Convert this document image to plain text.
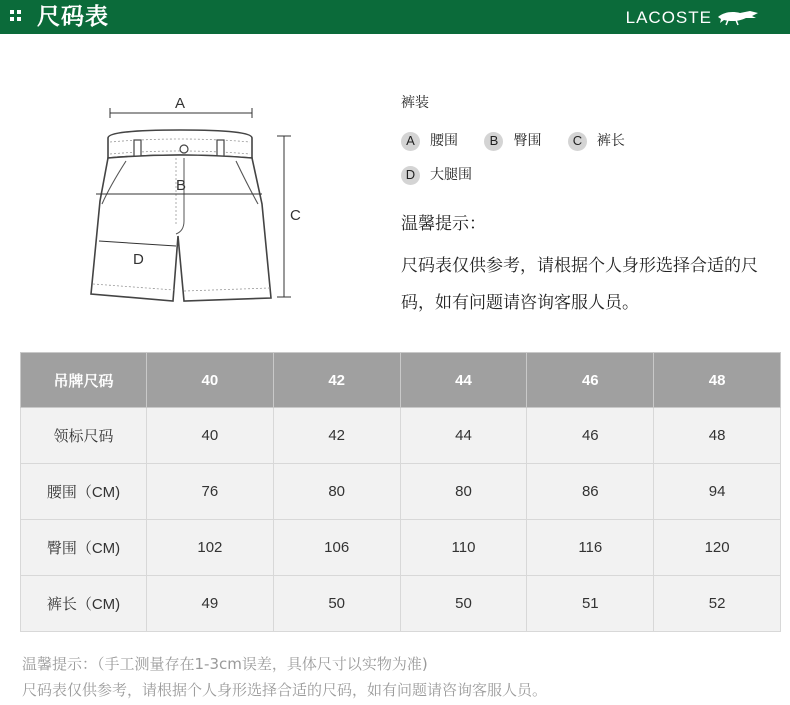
尺码表	LACOSTE
A
B
D
C
裤装
A	腰围
	B	臀围
	C	裤长
D	大腿围
温馨提示：
尺码表仅供参考，请根据个人身形选择合适的尺码，如有问题请咨询客服人员。
吊牌尺码	40	42	44	46	48
领标尺码	40	42	44	46	48
腰围（CM)	76	80	80	86	94
臀围（CM)	102	106	110	116	120
裤长（CM)	49	50	50	51	52
温馨提示：（手工测量存在1-3cm误差，具体尺寸以实物为准)
尺码表仅供参考，请根据个人身形选择合适的尺码，如有问题请咨询客服人员。
